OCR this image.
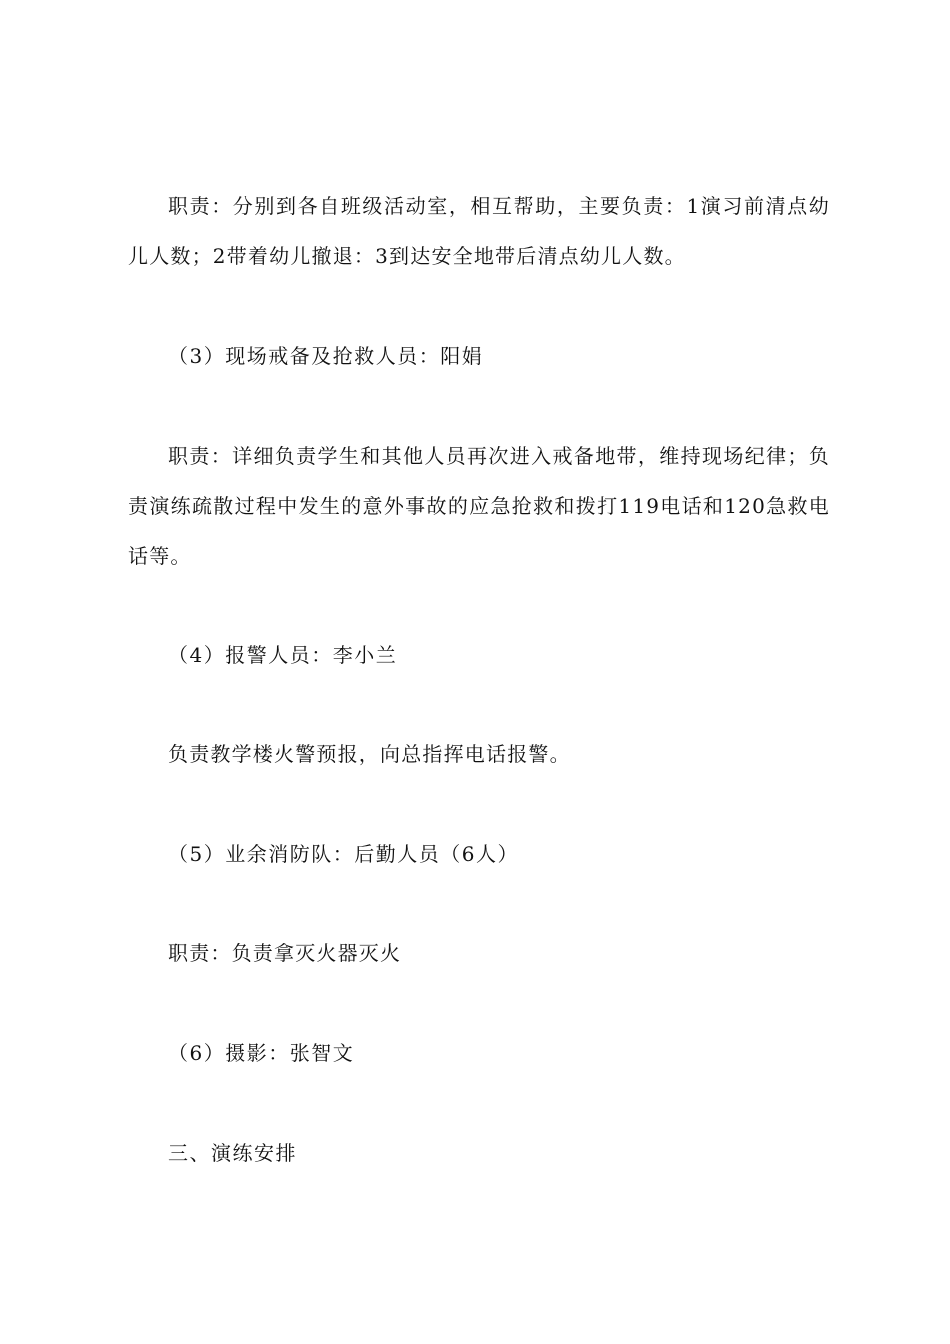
职责：分别到各自班级活动室，相互帮助，主要负责：1演习前清点幼儿人数；2带着幼儿撤退：3到达安全地带后清点幼儿人数。

（3）现场戒备及抢救人员：阳娟

职责：详细负责学生和其他人员再次进入戒备地带，维持现场纪律；负责演练疏散过程中发生的意外事故的应急抢救和拨打119电话和120急救电话等。

（4）报警人员：李小兰

负责教学楼火警预报，向总指挥电话报警。

（5）业余消防队：后勤人员（6人）

职责：负责拿灭火器灭火

（6）摄影：张智文

三、演练安排
